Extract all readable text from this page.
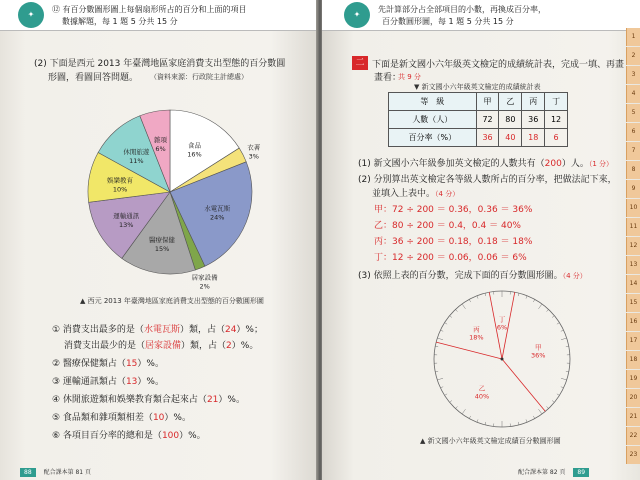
✦
⑫ 有百分數圖形圖上每個扇形所占的百分和上面的項目
數據解題，每 1 題 5 分共 15 分
(2) 下面是西元 2013 年臺灣地區家庭消費支出型態的百分數圓
形圖，看圖回答問題。 （資料來源：行政院主計總處）
食品
16%
衣著
3%
水電瓦斯
24%
居家設備
2%
醫療保健
15%
運輸通訊
13%
娛樂教育
10%
休閒旅遊
11%
雜項
6%
▲ 西元 2013 年臺灣地區家庭消費支出型態的百分數圓形圖
① 消費支出最多的是（水電瓦斯）類，占（24）%；
消費支出最少的是（居家設備）類，占（2）%。
② 醫療保健類占（15）%。
③ 運輸通訊類占（13）%。
④ 休閒旅遊類和娛樂教育類合起來占（21）%。
⑤ 食品類和雜項類相差（10）%。
⑥ 各項目百分率的總和是（100）%。
88 配合課本第 81 頁
✦
先計算部分占全部項目的小數，再換成百分率，
百分數圓形圖，每 1 題 5 分共 15 分
二 下面是新文國小六年級英文檢定的成績統計表，完成一填、再畫
畫看：
共 9 分
▼ 新文國小六年級英文檢定的成績統計表
等　級	甲	乙	丙	丁
人數（人）	72	80	36	12
百分率（%）	36	40	18	6
(1) 新文國小六年級參加英文檢定的人數共有（200）人。（1 分）
(2) 分別算出英文檢定各等級人數所占的百分率，把做法記下來，
並填入上表中。（4 分）
甲：72 ÷ 200 ＝ 0.36，0.36 ＝ 36%
乙：80 ÷ 200 ＝ 0.4，0.4 ＝ 40%
丙：36 ÷ 200 ＝ 0.18，0.18 ＝ 18%
丁：12 ÷ 200 ＝ 0.06，0.06 ＝ 6%
(3) 依照上表的百分數，完成下面的百分數圓形圖。（4 分）
丁
6%
甲
36%
乙
40%
丙
18%
▲ 新文國小六年級英文檢定成績百分數圓形圖
配合課本第 82 頁 89
1
2
3
4
5
6
7
8
9
10
11
12
13
14
15
16
17
18
19
20
21
22
23
